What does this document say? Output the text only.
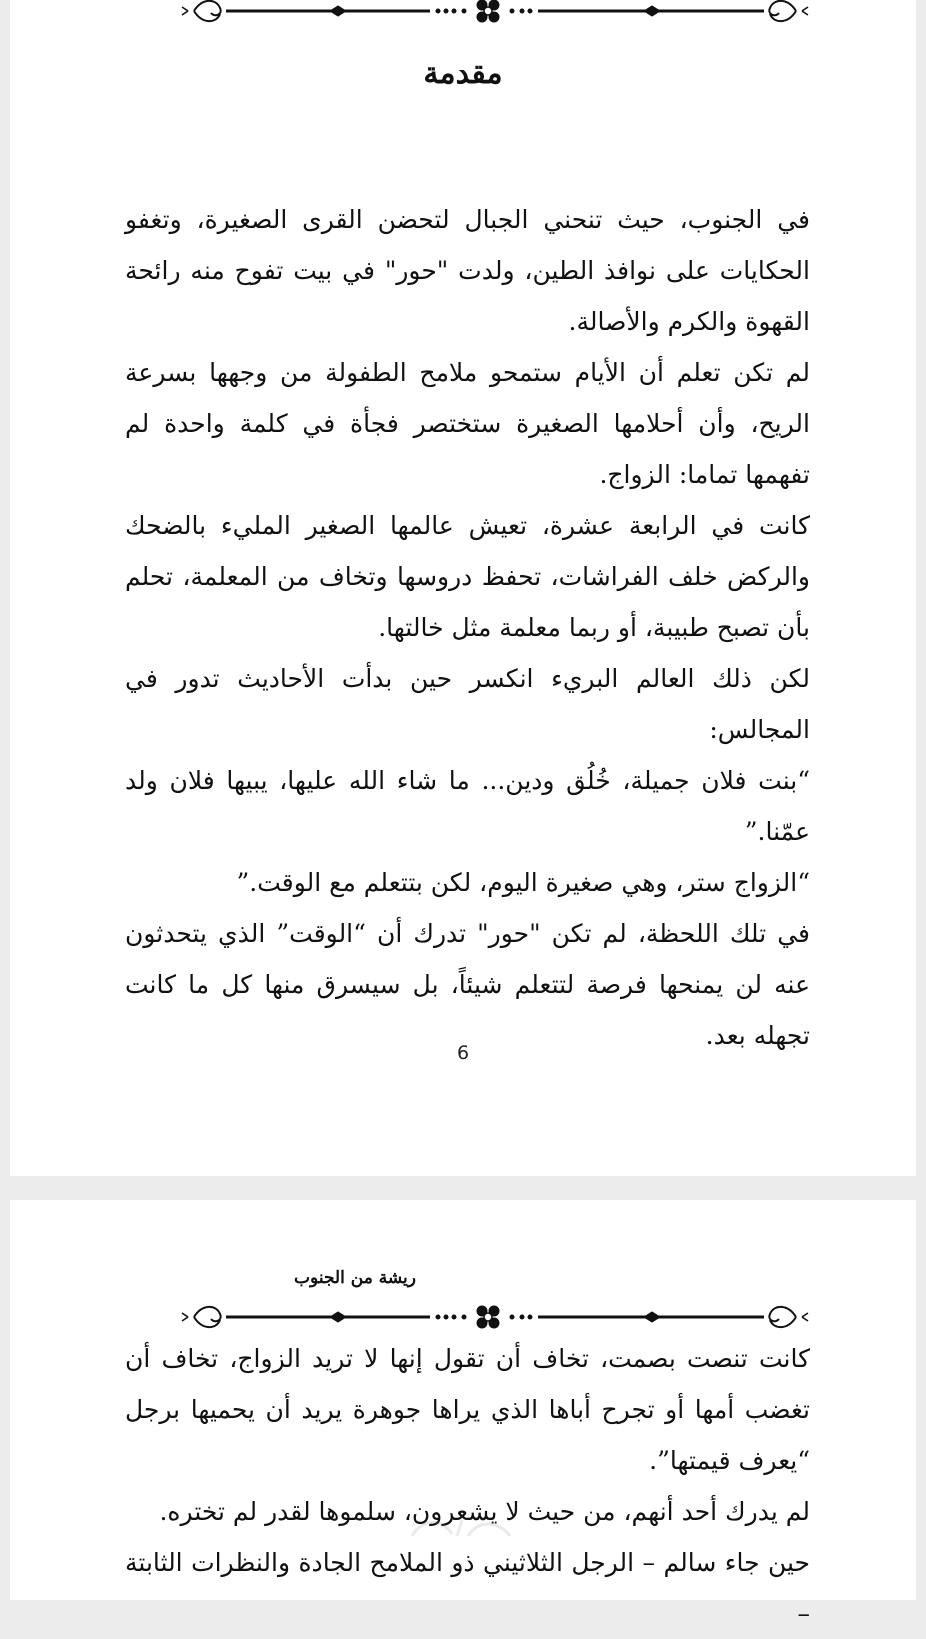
مقدمة

في الجنوب، حيث تنحني الجبال لتحضن القرى الصغيرة، وتغفو الحكايات على نوافذ الطين، ولدت "حور" في بيت تفوح منه رائحة القهوة والكرم والأصالة.

لم تكن تعلم أن الأيام ستمحو ملامح الطفولة من وجهها بسرعة الريح، وأن أحلامها الصغيرة ستختصر فجأة في كلمة واحدة لم تفهمها تماما: الزواج.

كانت في الرابعة عشرة، تعيش عالمها الصغير المليء بالضحك والركض خلف الفراشات، تحفظ دروسها وتخاف من المعلمة، تحلم بأن تصبح طبيبة، أو ربما معلمة مثل خالتها.

لكن ذلك العالم البريء انكسر حين بدأت الأحاديث تدور في المجالس:

“بنت فلان جميلة، خُلُق ودين... ما شاء الله عليها، يبيها فلان ولد عمّنا.”

“الزواج ستر، وهي صغيرة اليوم، لكن بتتعلم مع الوقت.”

في تلك اللحظة، لم تكن "حور" تدرك أن “الوقت” الذي يتحدثون عنه لن يمنحها فرصة لتتعلم شيئاً، بل سيسرق منها كل ما كانت تجهله بعد.

6
ريشة من الجنوب

كانت تنصت بصمت، تخاف أن تقول إنها لا تريد الزواج، تخاف أن تغضب أمها أو تجرح أباها الذي يراها جوهرة يريد أن يحميها برجل “يعرف قيمتها”.

لم يدرك أحد أنهم، من حيث لا يشعرون، سلموها لقدر لم تختره.

حين جاء سالم – الرجل الثلاثيني ذو الملامح الجادة والنظرات الثابتة –
